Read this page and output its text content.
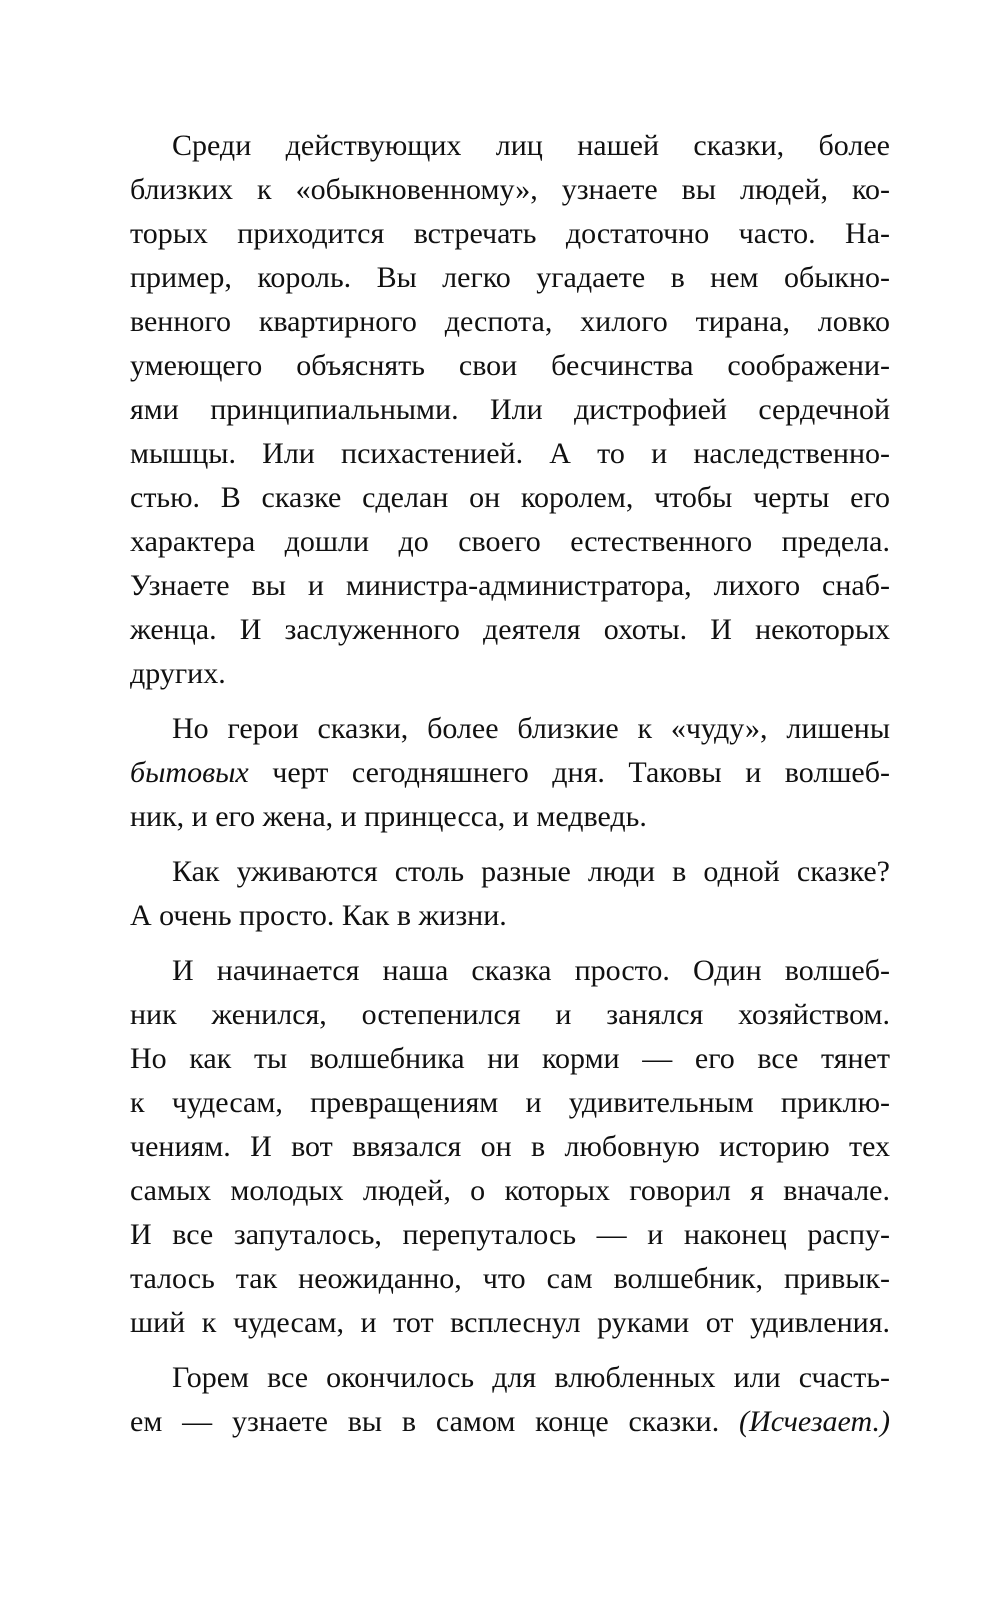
Среди действующих лиц нашей сказки, более
близких к «обыкновенному», узнаете вы людей, ко-
торых приходится встречать достаточно часто. На-
пример, король. Вы легко угадаете в нем обыкно-
венного квартирного деспота, хилого тирана, ловко
умеющего объяснять свои бесчинства соображени-
ями принципиальными. Или дистрофией сердечной
мышцы. Или психастенией. А то и наследственно-
стью. В сказке сделан он королем, чтобы черты его
характера дошли до своего естественного предела.
Узнаете вы и министра-администратора, лихого снаб-
женца. И заслуженного деятеля охоты. И некоторых
других.
Но герои сказки, более близкие к «чуду», лишены
бытовых черт сегодняшнего дня. Таковы и волшеб-
ник, и его жена, и принцесса, и медведь.
Как уживаются столь разные люди в одной сказке?
А очень просто. Как в жизни.
И начинается наша сказка просто. Один волшеб-
ник женился, остепенился и занялся хозяйством.
Но как ты волшебника ни корми — его все тянет
к чудесам, превращениям и удивительным приклю-
чениям. И вот ввязался он в любовную историю тех
самых молодых людей, о которых говорил я вначале.
И все запуталось, перепуталось — и наконец распу-
талось так неожиданно, что сам волшебник, привык-
ший к чудесам, и тот всплеснул руками от удивления.
Горем все окончилось для влюбленных или счасть-
ем — узнаете вы в самом конце сказки. (Исчезает.)
